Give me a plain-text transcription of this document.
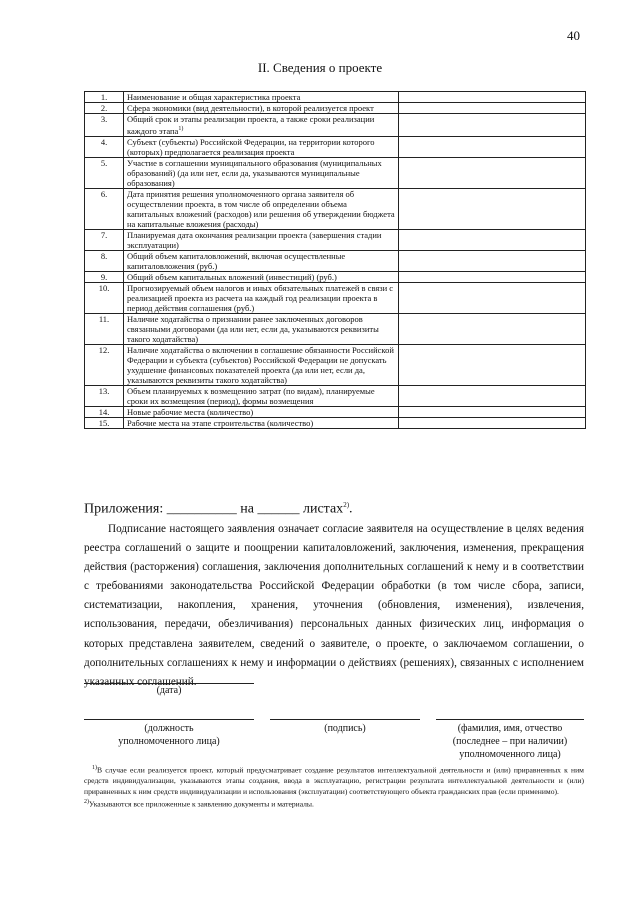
40
II. Сведения о проекте
1.	Наименование и общая характеристика проекта	
2.	Сфера экономики (вид деятельности), в которой реализуется проект	
3.	Общий срок и этапы реализации проекта, а также сроки реализации каждого этапа$^{1)}$	
4.	Субъект (субъекты) Российской Федерации, на территории которого (которых) предполагается реализация проекта	
5.	Участие в соглашении муниципального образования (муниципальных образований) (да или нет, если да, указываются муниципальные образования)	
6.	Дата принятия решения уполномоченного органа заявителя об осуществлении проекта, в том числе об определении объема капитальных вложений (расходов) или решения об утверждении бюджета на капитальные вложения (расходы)	
7.	Планируемая дата окончания реализации проекта (завершения стадии эксплуатации)	
8.	Общий объем капиталовложений, включая осуществленные капиталовложения (руб.)	
9.	Общий объем капитальных вложений (инвестиций) (руб.)	
10.	Прогнозируемый объем налогов и иных обязательных платежей в связи с реализацией проекта из расчета на каждый год реализации проекта в период действия соглашения (руб.)	
11.	Наличие ходатайства о признании ранее заключенных договоров связанными договорами (да или нет, если да, указываются реквизиты такого ходатайства)	
12.	Наличие ходатайства о включении в соглашение обязанности Российской Федерации и субъекта (субъектов) Российской Федерации не допускать ухудшение финансовых показателей проекта (да или нет, если да, указываются реквизиты такого ходатайства)	
13.	Объем планируемых к возмещению затрат (по видам), планируемые сроки их возмещения (период), формы возмещения	
14.	Новые рабочие места (количество)	
15.	Рабочие места на этапе строительства (количество)	
Приложения: __________ на ______ листах$^{2)}$.

Подписание настоящего заявления означает согласие заявителя на осуществление в целях ведения реестра соглашений о защите и поощрении капиталовложений, заключения, изменения, прекращения действия (расторжения) соглашения, заключения дополнительных соглашений к нему и в соответствии с требованиями законодательства Российской Федерации обработки (в том числе сбора, записи, систематизации, накопления, хранения, уточнения (обновления, изменения), извлечения, использования, передачи, обезличивания) персональных данных физических лиц, информация о которых представлена заявителем, сведений о заявителе, о проекте, о заключаемом соглашении, о дополнительных соглашениях к нему и информации о действиях (решениях), связанных с исполнением указанных соглашений.

(дата)
(должность
уполномоченного лица)
(подпись)	(фамилия, имя, отчество
(последнее – при наличии)
уполномоченного лица)

$^{1)}$В случае если реализуется проект, который предусматривает создание результатов интеллектуальной деятельности и (или) приравненных к ним средств индивидуализации, указываются этапы создания, ввода в эксплуатацию, регистрации результата интеллектуальной деятельности и (или) приравненных к ним средств индивидуализации и использования (эксплуатации) соответствующего объекта гражданских прав (если применимо).

$^{2)}$Указываются все приложенные к заявлению документы и материалы.
